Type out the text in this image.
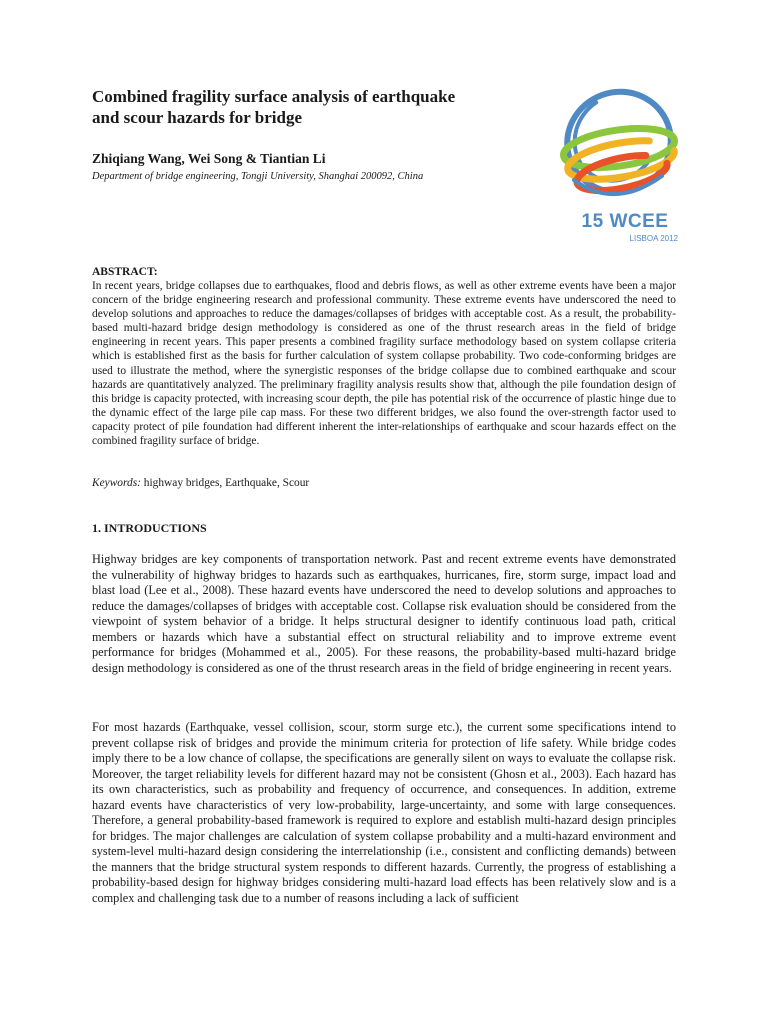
Combined fragility surface analysis of earthquake
and scour hazards for bridge

Zhiqiang Wang, Wei Song & Tiantian Li

Department of bridge engineering, Tongji University, Shanghai 200092, China

15 WCEE
LISBOA 2012

ABSTRACT:

In recent years, bridge collapses due to earthquakes, flood and debris flows, as well as other extreme events have been a major concern of the bridge engineering research and professional community. These extreme events have underscored the need to develop solutions and approaches to reduce the damages/collapses of bridges with acceptable cost. As a result, the probability-based multi-hazard bridge design methodology is considered as one of the thrust research areas in the field of bridge engineering in recent years. This paper presents a combined fragility surface methodology based on system collapse criteria which is established first as the basis for further calculation of system collapse probability. Two code-conforming bridges are used to illustrate the method, where the synergistic responses of the bridge collapse due to combined earthquake and scour hazards are quantitatively analyzed. The preliminary fragility analysis results show that, although the pile foundation design of this bridge is capacity protected, with increasing scour depth, the pile has potential risk of the occurrence of plastic hinge due to the dynamic effect of the large pile cap mass. For these two different bridges, we also found the over-strength factor used to capacity protect of pile foundation had different inherent the inter-relationships of earthquake and scour hazards effect on the combined fragility surface of bridge.

Keywords: highway bridges, Earthquake, Scour

1. INTRODUCTIONS

Highway bridges are key components of transportation network. Past and recent extreme events have demonstrated the vulnerability of highway bridges to hazards such as earthquakes, hurricanes, fire, storm surge, impact load and blast load (Lee et al., 2008). These hazard events have underscored the need to develop solutions and approaches to reduce the damages/collapses of bridges with acceptable cost. Collapse risk evaluation should be considered from the viewpoint of system behavior of a bridge. It helps structural designer to identify continuous load path, critical members or hazards which have a substantial effect on structural reliability and to improve extreme event performance for bridges (Mohammed et al., 2005). For these reasons, the probability-based multi-hazard bridge design methodology is considered as one of the thrust research areas in the field of bridge engineering in recent years.

For most hazards (Earthquake, vessel collision, scour, storm surge etc.), the current some specifications intend to prevent collapse risk of bridges and provide the minimum criteria for protection of life safety. While bridge codes imply there to be a low chance of collapse, the specifications are generally silent on ways to evaluate the collapse risk. Moreover, the target reliability levels for different hazard may not be consistent (Ghosn et al., 2003). Each hazard has its own characteristics, such as probability and frequency of occurrence, and consequences. In addition, extreme hazard events have characteristics of very low-probability, large-uncertainty, and some with large consequences. Therefore, a general probability-based framework is required to explore and establish multi-hazard design principles for bridges. The major challenges are calculation of system collapse probability and a multi-hazard environment and system-level multi-hazard design considering the interrelationship (i.e., consistent and conflicting demands) between the manners that the bridge structural system responds to different hazards. Currently, the progress of establishing a probability-based design for highway bridges considering multi-hazard load effects has been relatively slow and is a complex and challenging task due to a number of reasons including a lack of sufficient
